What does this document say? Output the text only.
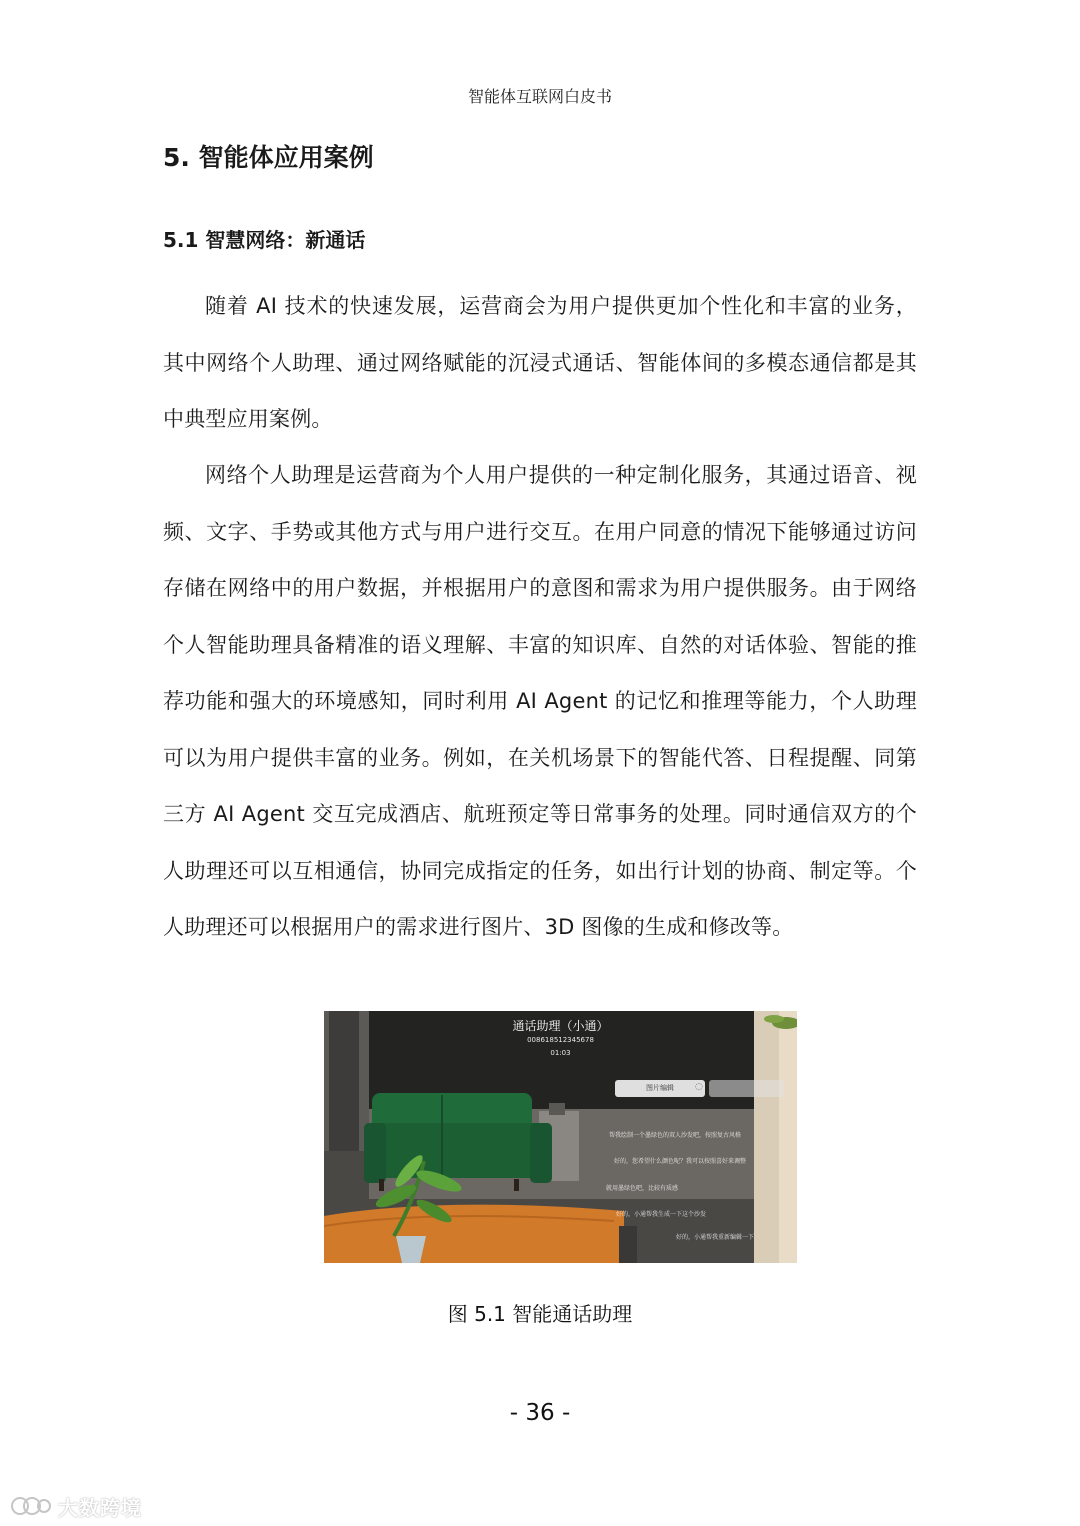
智能体互联网白皮书
5. 智能体应用案例
5.1 智慧网络：新通话

随着 AI 技术的快速发展，运营商会为用户提供更加个性化和丰富的业务，其中网络个人助理、通过网络赋能的沉浸式通话、智能体间的多模态通信都是其中典型应用案例。

网络个人助理是运营商为个人用户提供的一种定制化服务，其通过语音、视频、文字、手势或其他方式与用户进行交互。在用户同意的情况下能够通过访问存储在网络中的用户数据，并根据用户的意图和需求为用户提供服务。由于网络个人智能助理具备精准的语义理解、丰富的知识库、自然的对话体验、智能的推荐功能和强大的环境感知，同时利用 AI Agent 的记忆和推理等能力，个人助理可以为用户提供丰富的业务。例如，在关机场景下的智能代答、日程提醒、同第三方 AI Agent 交互完成酒店、航班预定等日常事务的处理。同时通信双方的个人助理还可以互相通信，协同完成指定的任务，如出行计划的协商、制定等。个人助理还可以根据用户的需求进行图片、3D 图像的生成和修改等。

通话助理（小通）
008618512345678
01:03
图片编辑	◌

帮我绘制一个墨绿色的双人沙发吧，按照复古风格

好的，您希望什么颜色呢？我可以按照喜好来调整

就用墨绿色吧，比较有质感

好的，小通帮我生成一下这个沙发

好的，小通帮我重新编辑一下

图 5.1 智能通话助理
- 36 -
大数跨境
